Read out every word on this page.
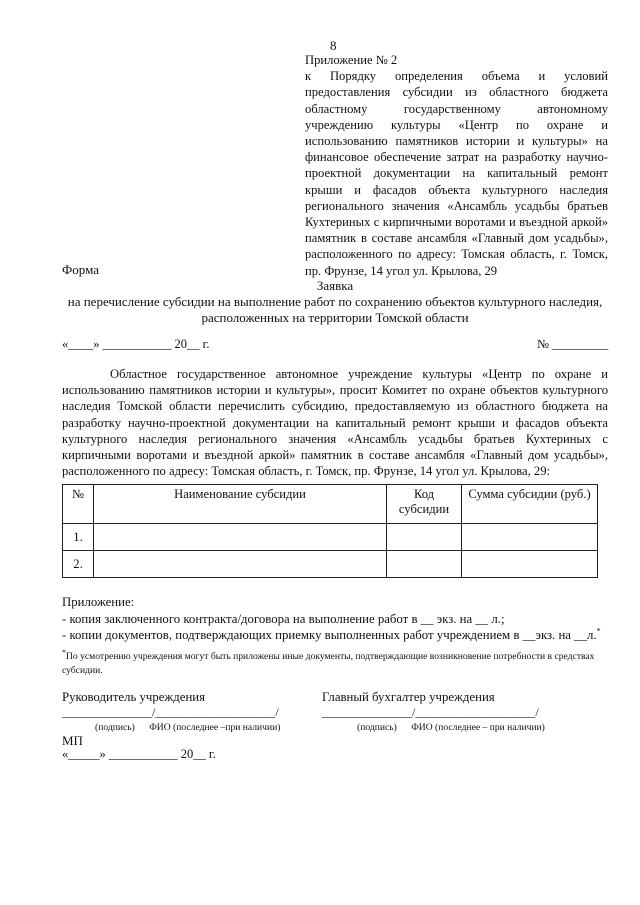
8
Приложение № 2
к Порядку определения объема и условий предоставления субсидии из областного бюджета областному государственному автономному учреждению культуры «Центр по охране и использованию памятников истории и культуры» на финансовое обеспечение затрат на разработку научно-проектной документации на капитальный ремонт крыши и фасадов объекта культурного наследия регионального значения «Ансамбль усадьбы братьев Кухтериных с кирпичными воротами и въездной аркой» памятник в составе ансамбля «Главный дом усадьбы», расположенного по адресу: Томская область, г. Томск, пр. Фрунзе, 14 угол ул. Крылова, 29
Форма
Заявка
на перечисление субсидии на выполнение работ по сохранению объектов культурного наследия, расположенных на территории Томской области
«____» ___________ 20__ г.	№ _________
Областное государственное автономное учреждение культуры «Центр по охране и использованию памятников истории и культуры», просит Комитет по охране объектов культурного наследия Томской области перечислить субсидию, предоставляемую из областного бюджета на разработку научно-проектной документации на капитальный ремонт крыши и фасадов объекта культурного наследия регионального значения «Ансамбль усадьбы братьев Кухтериных с кирпичными воротами и въездной аркой» памятник в составе ансамбля «Главный дом усадьбы», расположенного по адресу: Томская область, г. Томск, пр. Фрунзе, 14 угол ул. Крылова, 29:
№	Наименование субсидии	Код субсидии	Сумма субсидии (руб.)
1.			
2.			
Приложение:
- копия заключенного контракта/договора на выполнение работ в __ экз. на __ л.;
- копии документов, подтверждающих приемку выполненных работ учреждением в __экз. на __л.*
*По усмотрению учреждения могут быть приложены иные документы, подтверждающие возникновение потребности в средствах субсидии.
Руководитель учреждения	Главный бухгалтер учреждения
_______________/____________________/	_______________/____________________/
(подпись)      ФИО (последнее –при наличии)	(подпись)      ФИО (последнее – при наличии)
МП
«_____» ___________ 20__ г.
